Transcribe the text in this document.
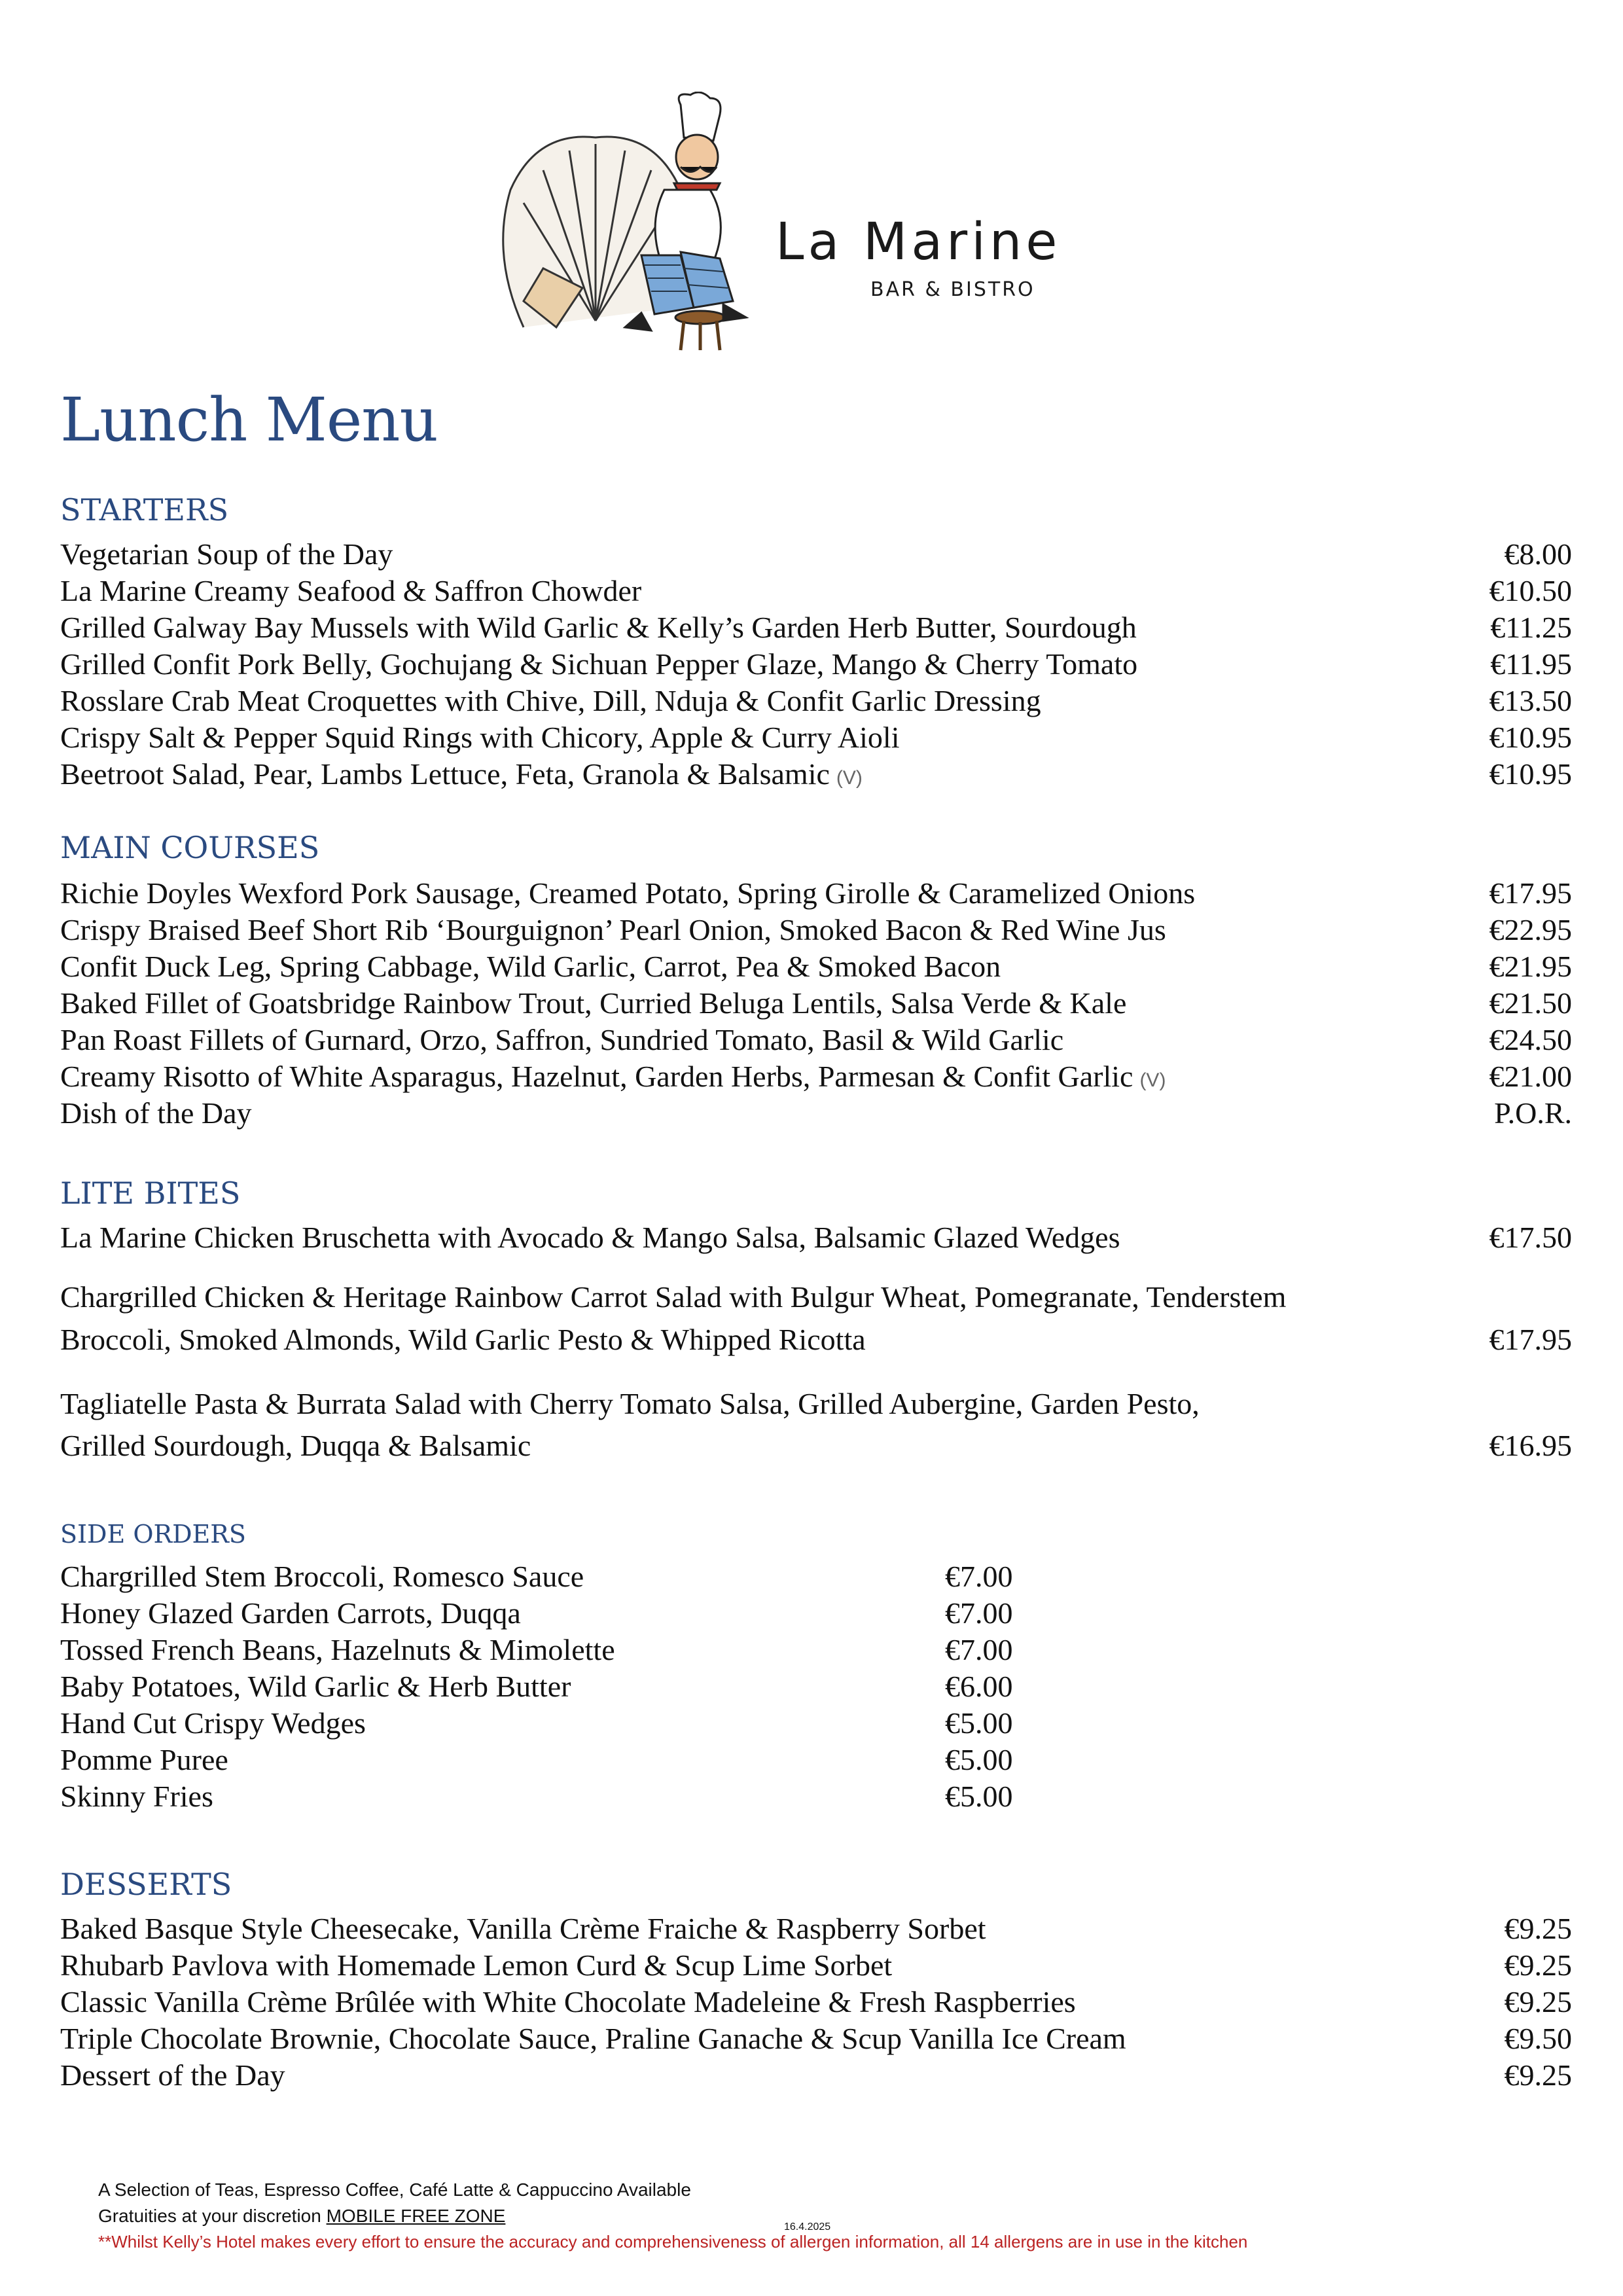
La Marine
BAR & BISTRO
Lunch Menu
STARTERS
Vegetarian Soup of the Day	€8.00
La Marine Creamy Seafood & Saffron Chowder	€10.50
Grilled Galway Bay Mussels with Wild Garlic & Kelly’s Garden Herb Butter, Sourdough	€11.25
Grilled Confit Pork Belly, Gochujang & Sichuan Pepper Glaze, Mango & Cherry Tomato	€11.95
Rosslare Crab Meat Croquettes with Chive, Dill, Nduja & Confit Garlic Dressing	€13.50
Crispy Salt & Pepper Squid Rings with Chicory, Apple & Curry Aioli	€10.95
Beetroot Salad, Pear, Lambs Lettuce, Feta, Granola & Balsamic (V)	€10.95
MAIN COURSES
Richie Doyles Wexford Pork Sausage, Creamed Potato, Spring Girolle & Caramelized Onions	€17.95
Crispy Braised Beef Short Rib ‘Bourguignon’ Pearl Onion, Smoked Bacon & Red Wine Jus	€22.95
Confit Duck Leg, Spring Cabbage, Wild Garlic, Carrot, Pea & Smoked Bacon	€21.95
Baked Fillet of Goatsbridge Rainbow Trout, Curried Beluga Lentils, Salsa Verde & Kale	€21.50
Pan Roast Fillets of Gurnard, Orzo, Saffron, Sundried Tomato, Basil & Wild Garlic	€24.50
Creamy Risotto of White Asparagus, Hazelnut, Garden Herbs, Parmesan & Confit Garlic (V)	€21.00
Dish of the Day	P.O.R.
LITE BITES
La Marine Chicken Bruschetta with Avocado & Mango Salsa, Balsamic Glazed Wedges	€17.50
Chargrilled Chicken & Heritage Rainbow Carrot Salad with Bulgur Wheat, Pomegranate, Tenderstem
Broccoli, Smoked Almonds, Wild Garlic Pesto & Whipped Ricotta	€17.95
Tagliatelle Pasta & Burrata Salad with Cherry Tomato Salsa, Grilled Aubergine, Garden Pesto,
Grilled Sourdough, Duqqa & Balsamic	€16.95
SIDE ORDERS
Chargrilled Stem Broccoli, Romesco Sauce	€7.00
Honey Glazed Garden Carrots, Duqqa	€7.00
Tossed French Beans, Hazelnuts & Mimolette	€7.00
Baby Potatoes, Wild Garlic & Herb Butter	€6.00
Hand Cut Crispy Wedges	€5.00
Pomme Puree	€5.00
Skinny Fries	€5.00
DESSERTS
Baked Basque Style Cheesecake, Vanilla Crème Fraiche & Raspberry Sorbet	€9.25
Rhubarb Pavlova with Homemade Lemon Curd & Scup Lime Sorbet	€9.25
Classic Vanilla Crème Brûlée with White Chocolate Madeleine & Fresh Raspberries	€9.25
Triple Chocolate Brownie, Chocolate Sauce, Praline Ganache & Scup Vanilla Ice Cream	€9.50
Dessert of the Day	€9.25
A Selection of Teas, Espresso Coffee, Café Latte & Cappuccino Available
Gratuities at your discretion MOBILE FREE ZONE
16.4.2025
**Whilst Kelly’s Hotel makes every effort to ensure the accuracy and comprehensiveness of allergen information, all 14 allergens are in use in the kitchen
